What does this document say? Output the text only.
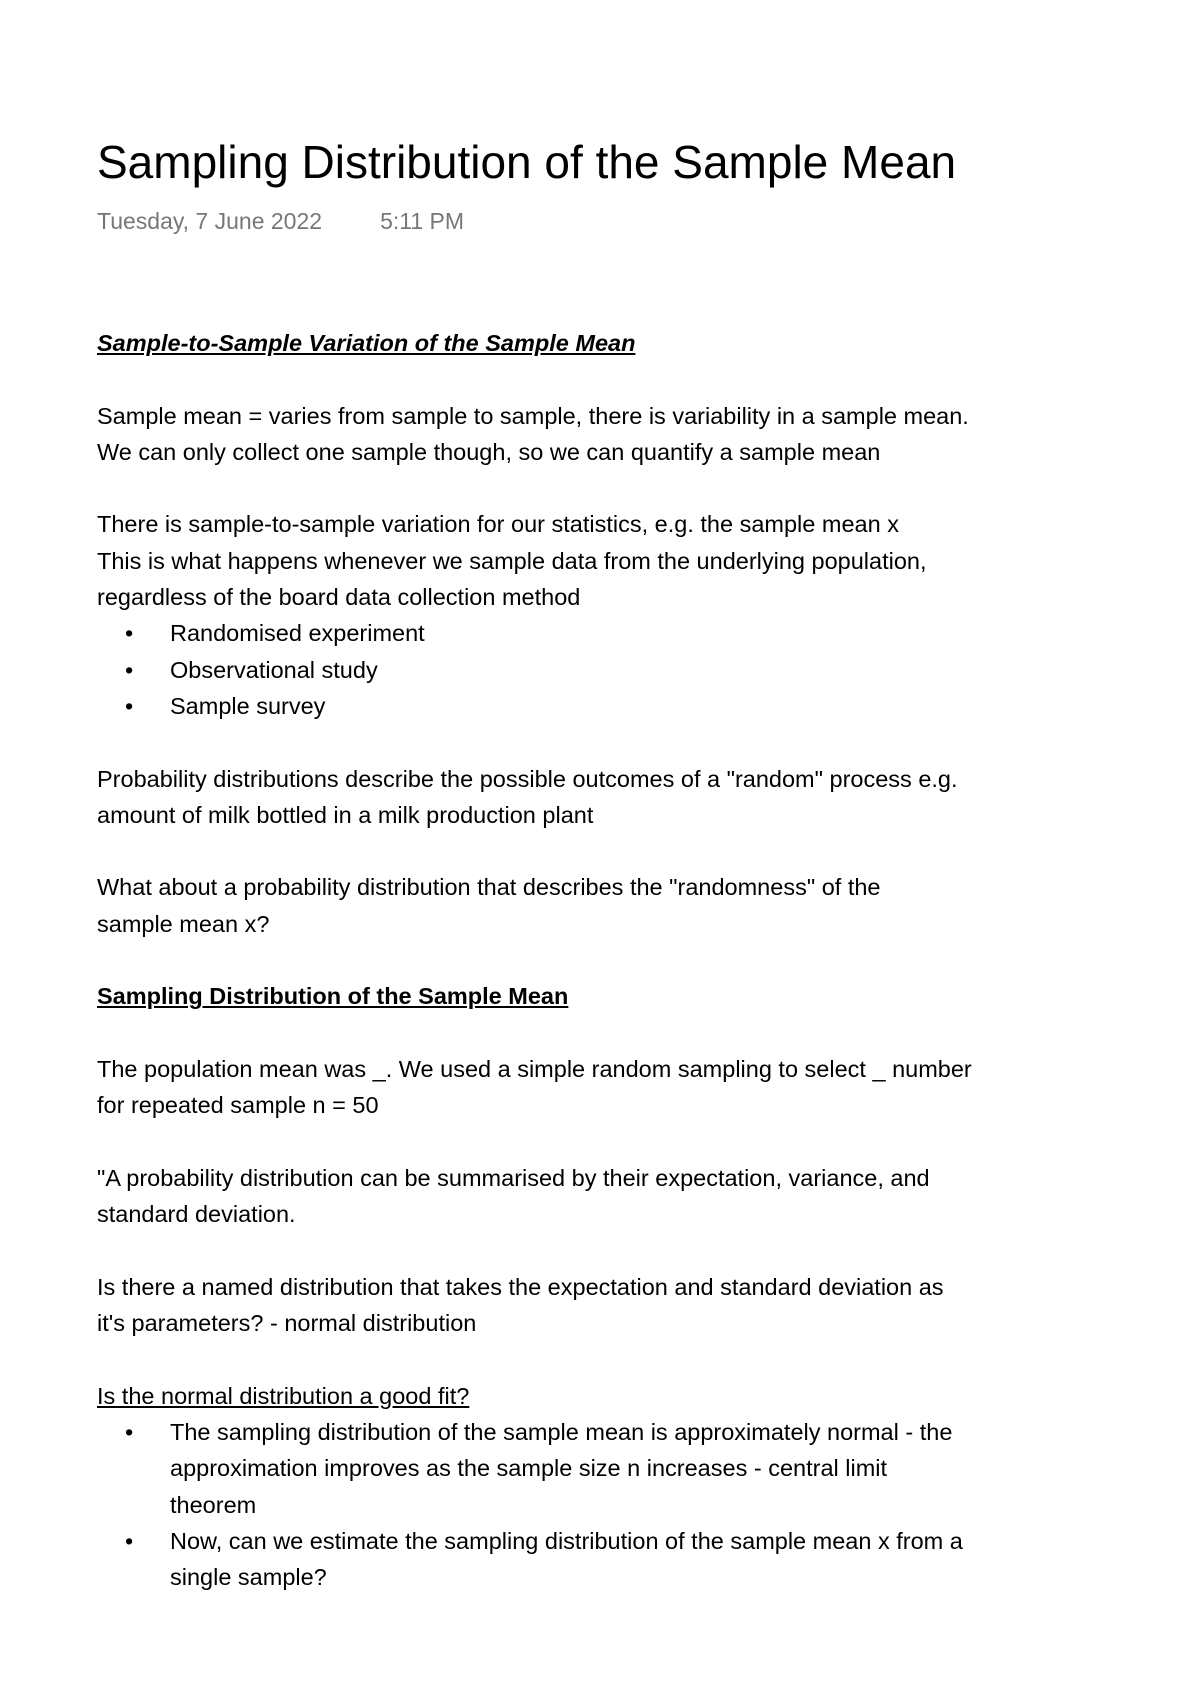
Sampling Distribution of the Sample Mean
Tuesday, 7 June 2022	5:11 PM
Sample-to-Sample Variation of the Sample Mean
Sample mean = varies from sample to sample, there is variability in a sample mean.
We can only collect one sample though, so we can quantify a sample mean
There is sample-to-sample variation for our statistics, e.g. the sample mean x
This is what happens whenever we sample data from the underlying population,
regardless of the board data collection method
• Randomised experiment
• Observational study
• Sample survey
Probability distributions describe the possible outcomes of a "random" process e.g.
amount of milk bottled in a milk production plant
What about a probability distribution that describes the "randomness" of the
sample mean x?
Sampling Distribution of the Sample Mean
The population mean was _. We used a simple random sampling to select _ number
for repeated sample n = 50
"A probability distribution can be summarised by their expectation, variance, and
standard deviation.
Is there a named distribution that takes the expectation and standard deviation as
it's parameters? - normal distribution
Is the normal distribution a good fit?
• The sampling distribution of the sample mean is approximately normal - the
approximation improves as the sample size n increases - central limit
theorem
• Now, can we estimate the sampling distribution of the sample mean x from a
single sample?
